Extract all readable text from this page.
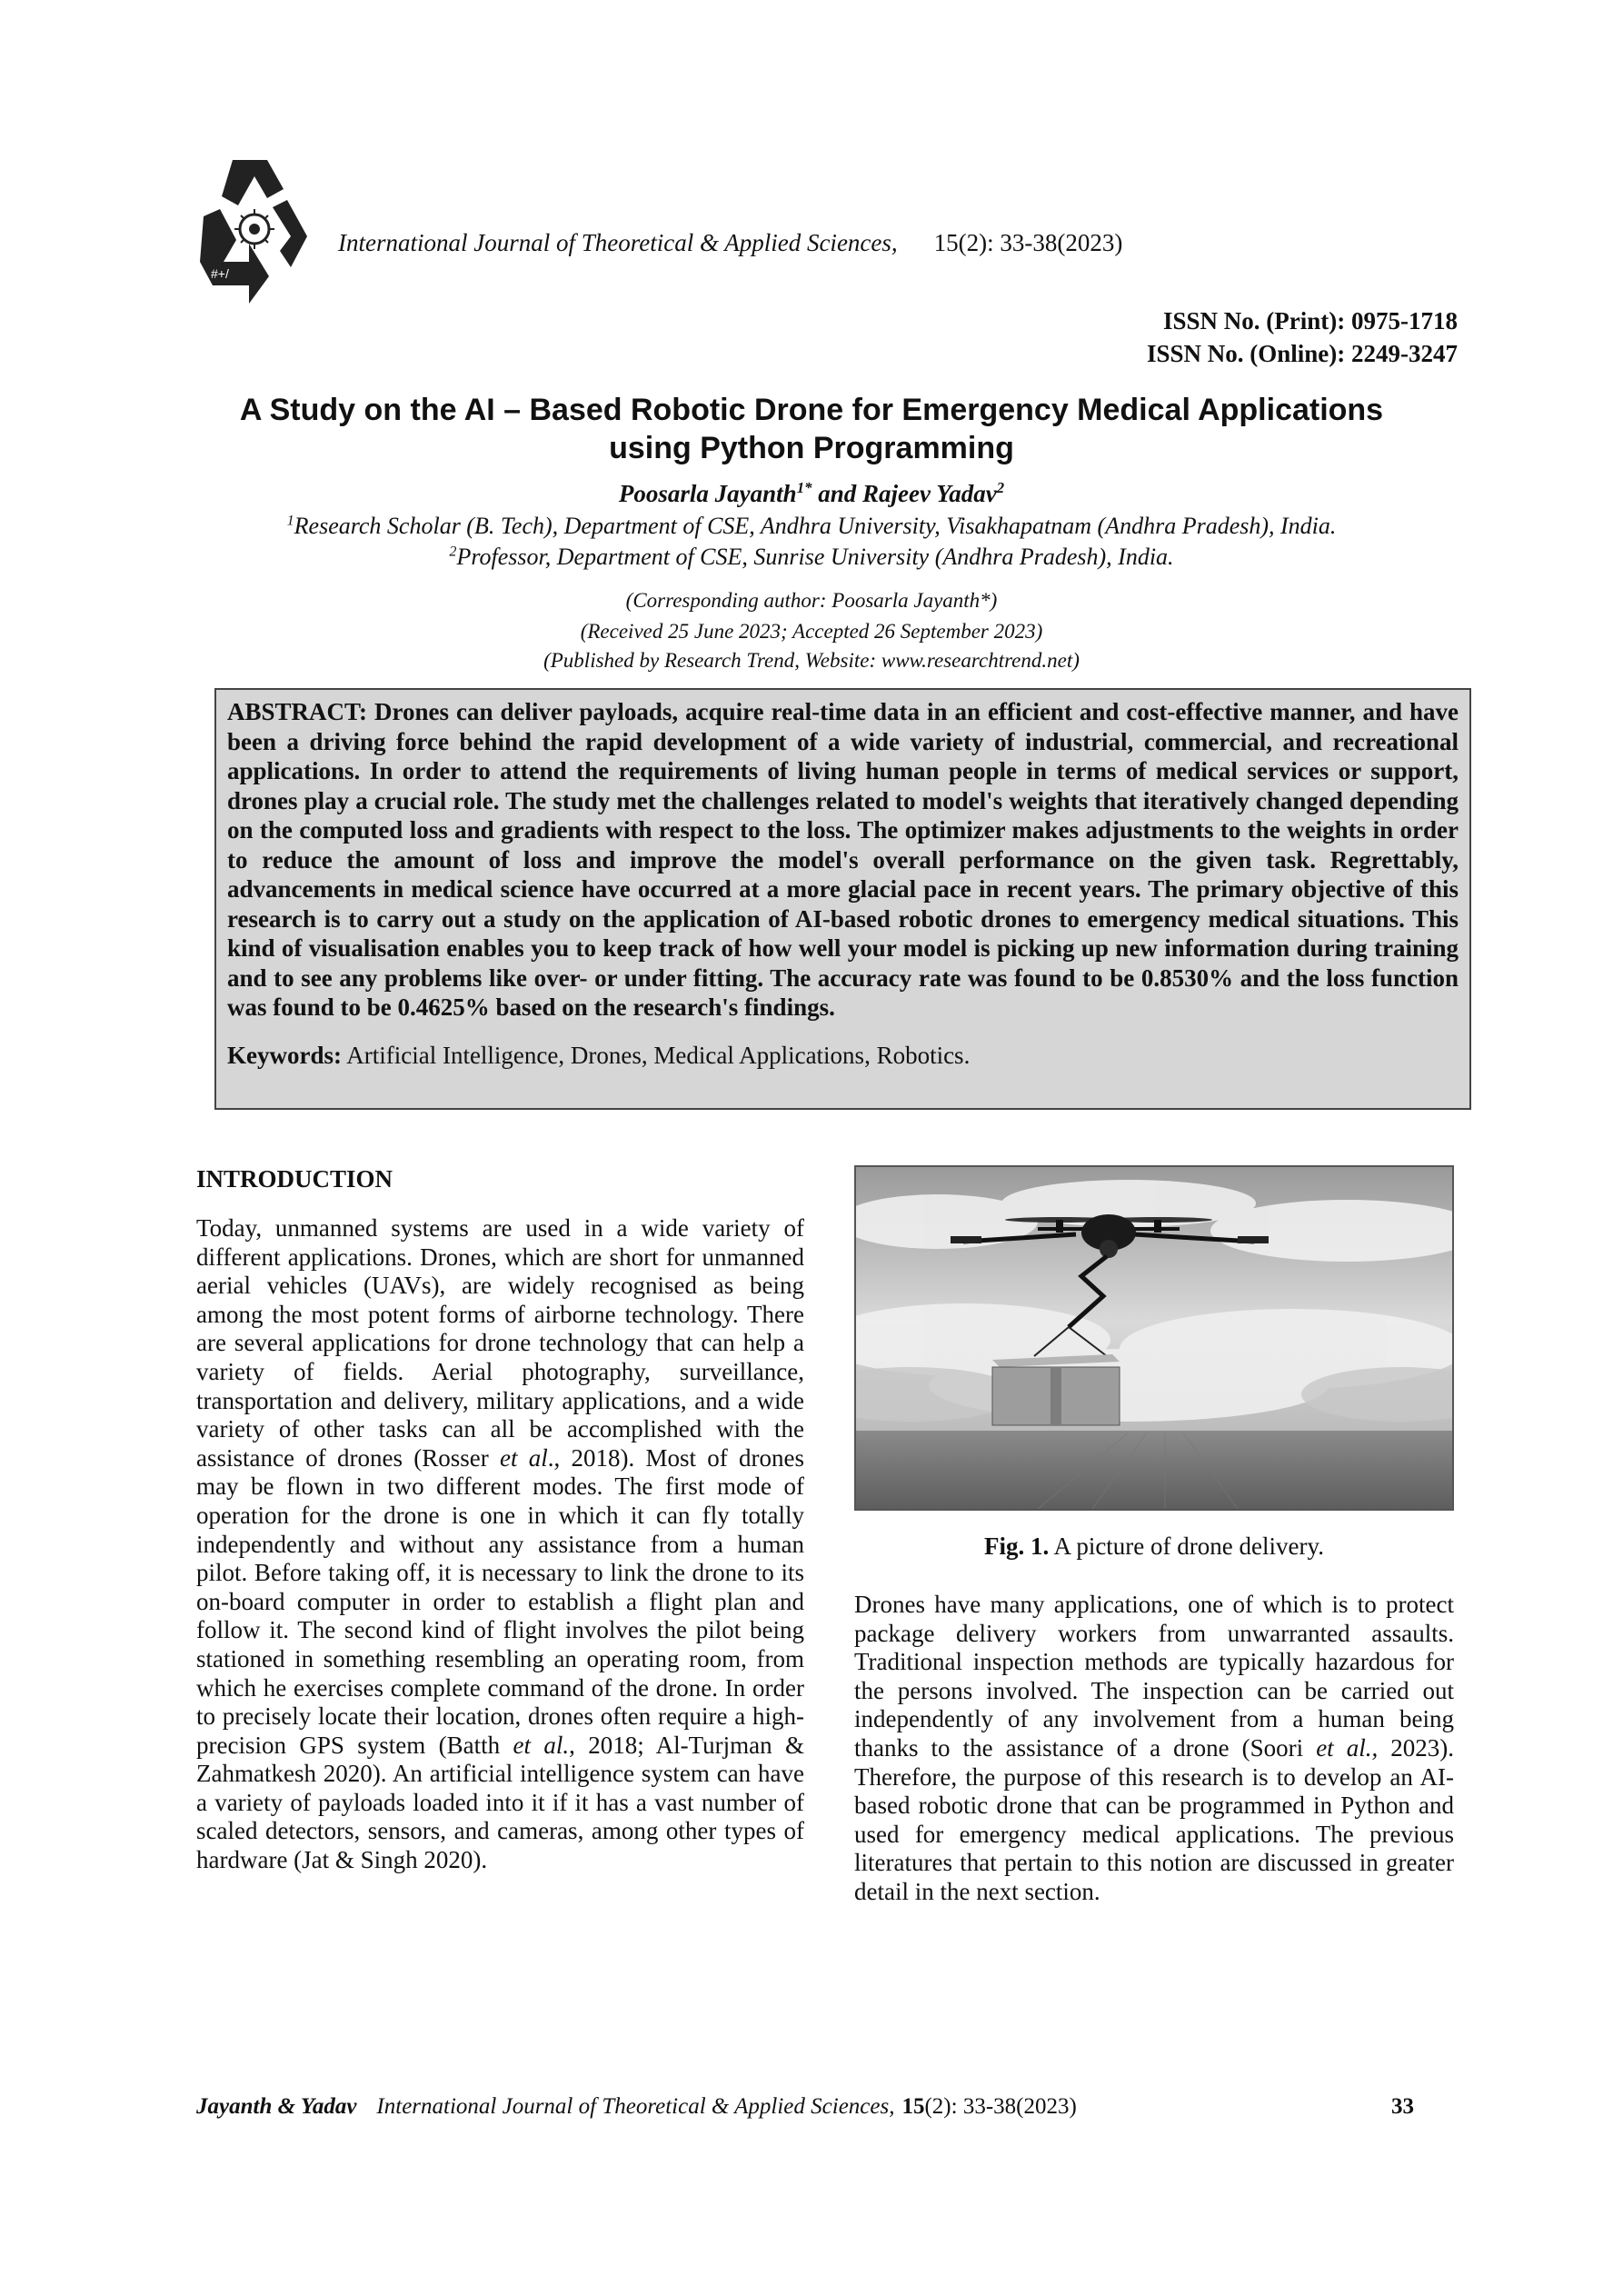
#+/
International Journal of Theoretical & Applied Sciences, 15(2): 33-38(2023)
ISSN No. (Print): 0975-1718
ISSN No. (Online): 2249-3247
A Study on the AI – Based Robotic Drone for Emergency Medical Applications
using Python Programming
Poosarla Jayanth$^{1*}$ and Rajeev Yadav$^2$
$^1$Research Scholar (B. Tech), Department of CSE, Andhra University, Visakhapatnam (Andhra Pradesh), India.
$^2$Professor, Department of CSE, Sunrise University (Andhra Pradesh), India.
(Corresponding author: Poosarla Jayanth*)
(Received 25 June 2023; Accepted 26 September 2023)
(Published by Research Trend, Website: www.researchtrend.net)

ABSTRACT: Drones can deliver payloads, acquire real-time data in an efficient and cost-effective manner, and have been a driving force behind the rapid development of a wide variety of industrial, commercial, and recreational applications. In order to attend the requirements of living human people in terms of medical services or support, drones play a crucial role. The study met the challenges related to model's weights that iteratively changed depending on the computed loss and gradients with respect to the loss. The optimizer makes adjustments to the weights in order to reduce the amount of loss and improve the model's overall performance on the given task. Regrettably, advancements in medical science have occurred at a more glacial pace in recent years. The primary objective of this research is to carry out a study on the application of AI-based robotic drones to emergency medical situations. This kind of visualisation enables you to keep track of how well your model is picking up new information during training and to see any problems like over- or under fitting. The accuracy rate was found to be 0.8530% and the loss function was found to be 0.4625% based on the research's findings.

Keywords: Artificial Intelligence, Drones, Medical Applications, Robotics.
INTRODUCTION

Today, unmanned systems are used in a wide variety of different applications. Drones, which are short for unmanned aerial vehicles (UAVs), are widely recognised as being among the most potent forms of airborne technology. There are several applications for drone technology that can help a variety of fields. Aerial photography, surveillance, transportation and delivery, military applications, and a wide variety of other tasks can all be accomplished with the assistance of drones (Rosser et al., 2018). Most of drones may be flown in two different modes. The first mode of operation for the drone is one in which it can fly totally independently and without any assistance from a human pilot. Before taking off, it is necessary to link the drone to its on-board computer in order to establish a flight plan and follow it. The second kind of flight involves the pilot being stationed in something resembling an operating room, from which he exercises complete command of the drone. In order to precisely locate their location, drones often require a high-precision GPS system (Batth et al., 2018; Al-Turjman & Zahmatkesh 2020). An artificial intelligence system can have a variety of payloads loaded into it if it has a vast number of scaled detectors, sensors, and cameras, among other types of hardware (Jat & Singh 2020).

Fig. 1. A picture of drone delivery.

Drones have many applications, one of which is to protect package delivery workers from unwarranted assaults. Traditional inspection methods are typically hazardous for the persons involved. The inspection can be carried out independently of any involvement from a human being thanks to the assistance of a drone (Soori et al., 2023). Therefore, the purpose of this research is to develop an AI-based robotic drone that can be programmed in Python and used for emergency medical applications. The previous literatures that pertain to this notion are discussed in greater detail in the next section.

Jayanth & Yadav International Journal of Theoretical & Applied Sciences, 15(2): 33-38(2023)	33
